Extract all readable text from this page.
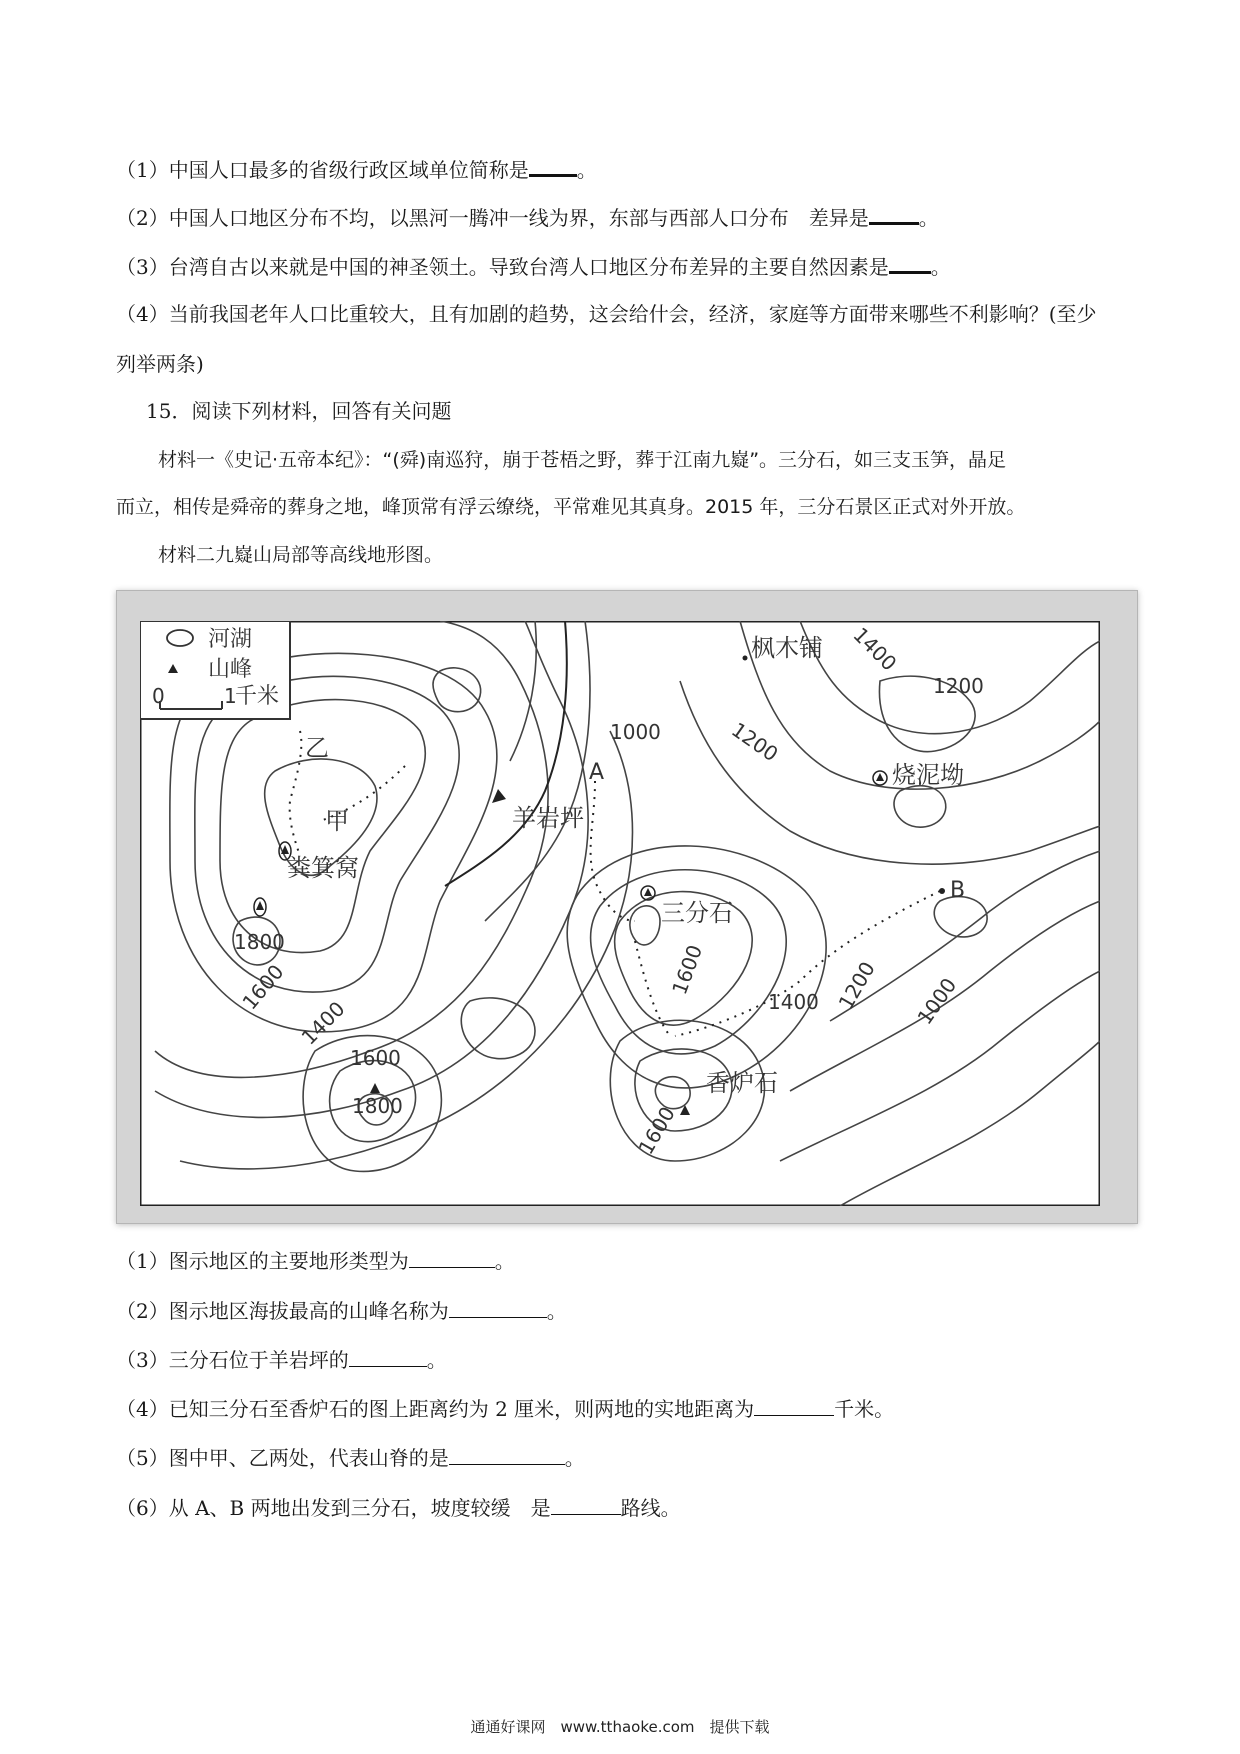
（1）中国人口最多的省级行政区域单位简称是 。
（2）中国人口地区分布不均，以黑河一腾冲一线为界，东部与西部人口分布　差异是	。
（3）台湾自古以来就是中国的神圣领土。导致台湾人口地区分布差异的主要自然因素是 。
（4）当前我国老年人口比重较大，且有加剧的趋势，这会给什会，经济，家庭等方面带来哪些不利影响？(至少
列举两条)
15．阅读下列材料，回答有关问题
材料一《史记·五帝本纪》：“(舜)南巡狩，崩于苍梧之野，葬于江南九嶷”。三分石，如三支玉笋，晶足
而立，相传是舜帝的葬身之地，峰顶常有浮云缭绕，平常难见其真身。2015 年，三分石景区正式对外开放。
材料二九嶷山局部等高线地形图。
河湖
山峰
0	1
千米
枫木铺
烧泥坳
羊岩坪
粪箕窝
三分石
香炉石
甲
乙
A
B
1000
1200
1200
1400
1800
1600
1400
1600
1800
1600
1400 1200 1000
1600
（1）图示地区的主要地形类型为	。
（2）图示地区海拔最高的山峰名称为	。
（3）三分石位于羊岩坪的	。
（4）已知三分石至香炉石的图上距离约为 2 厘米，则两地的实地距离为	千米。
（5）图中甲、乙两处，代表山脊的是	。
（6）从 A、B 两地出发到三分石，坡度较缓　是	路线。
通通好课网　www.tthaoke.com　提供下载
